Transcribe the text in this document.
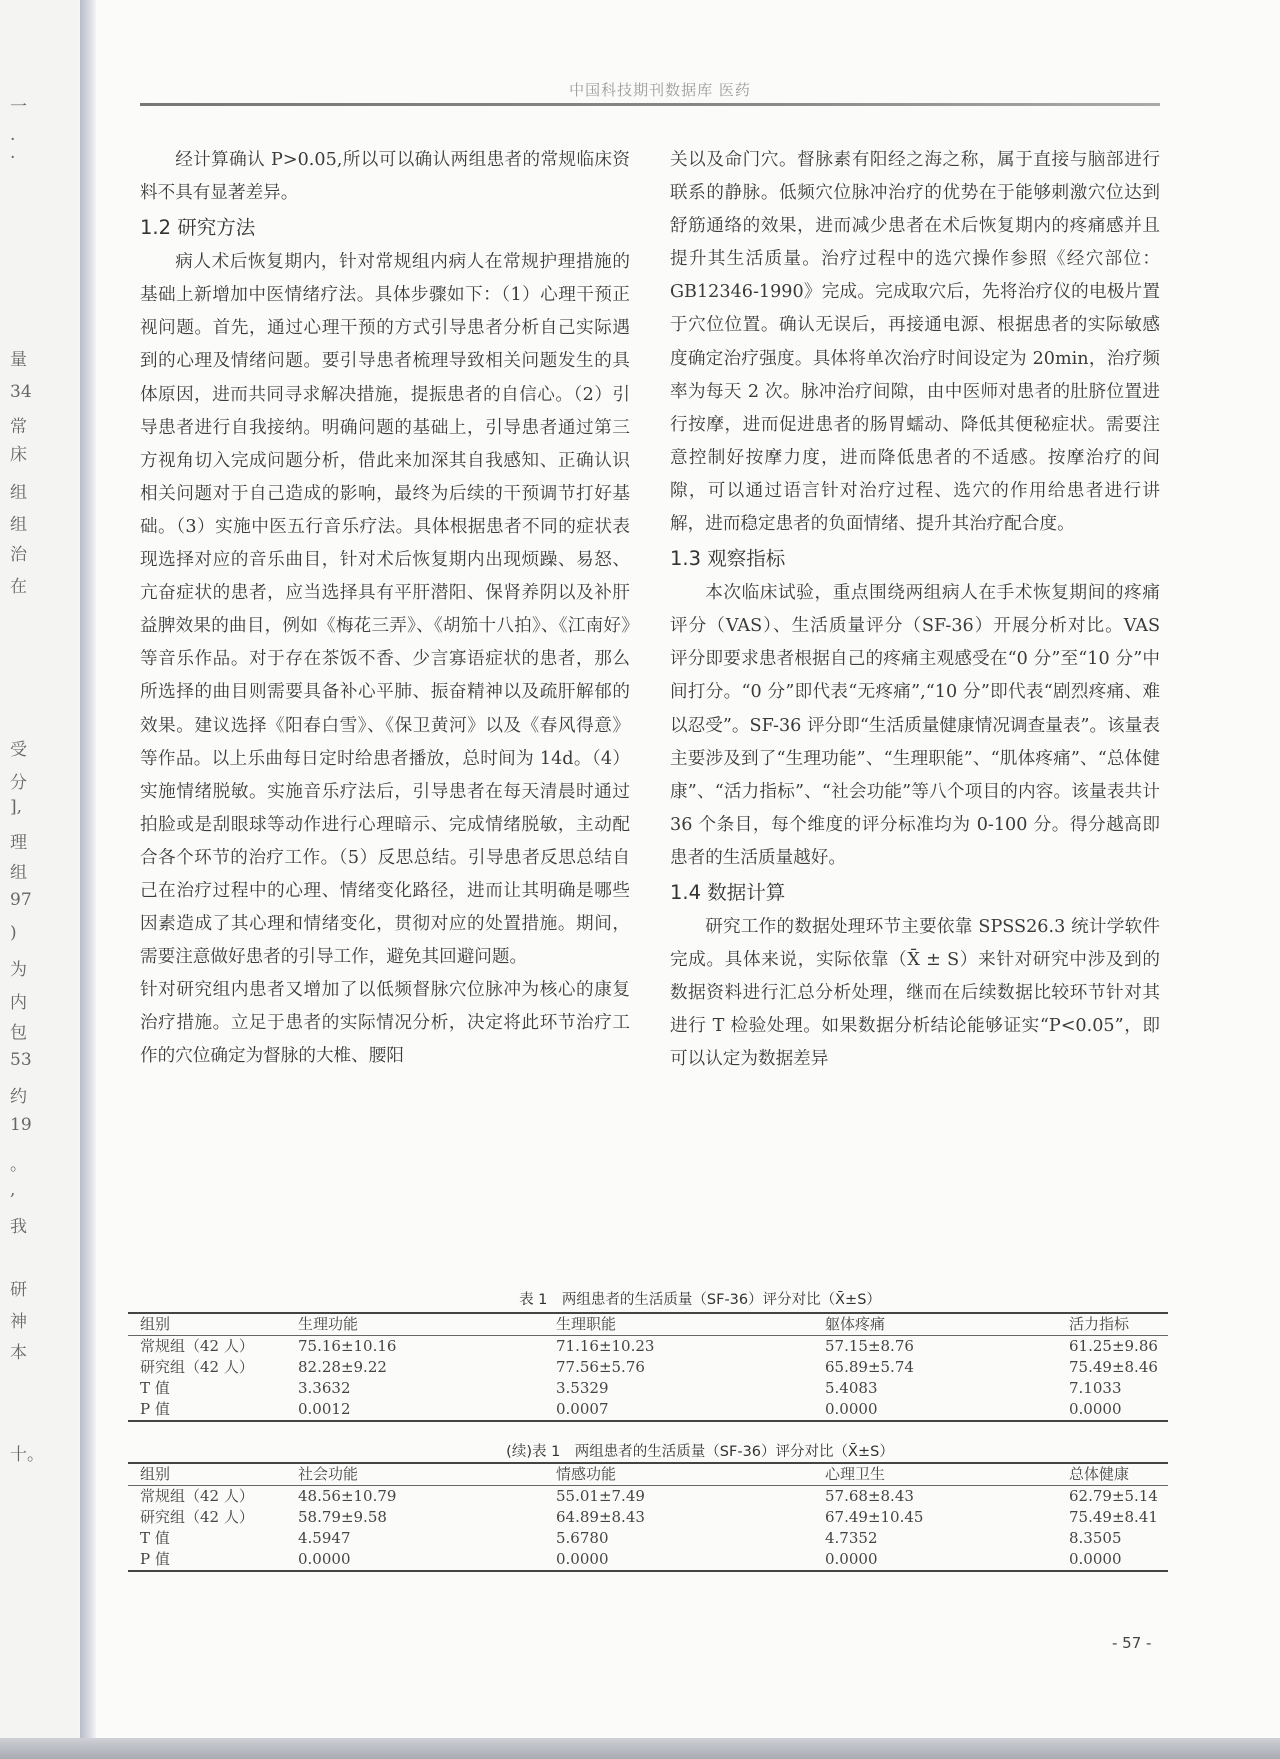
一
·
·
量
34
常
床
组
组
治
在
受
分
],
理
组
97
)
为
内
包
53
约
19
。
,
我
研
神
本
十。
中国科技期刊数据库 医药

经计算确认 P>0.05,所以可以确认两组患者的常规临床资料不具有显著差异。

1.2 研究方法

病人术后恢复期内，针对常规组内病人在常规护理措施的基础上新增加中医情绪疗法。具体步骤如下：（1）心理干预正视问题。首先，通过心理干预的方式引导患者分析自己实际遇到的心理及情绪问题。要引导患者梳理导致相关问题发生的具体原因，进而共同寻求解决措施，提振患者的自信心。（2）引导患者进行自我接纳。明确问题的基础上，引导患者通过第三方视角切入完成问题分析，借此来加深其自我感知、正确认识相关问题对于自己造成的影响，最终为后续的干预调节打好基础。（3）实施中医五行音乐疗法。具体根据患者不同的症状表现选择对应的音乐曲目，针对术后恢复期内出现烦躁、易怒、亢奋症状的患者，应当选择具有平肝潜阳、保肾养阴以及补肝益脾效果的曲目，例如《梅花三弄》、《胡笳十八拍》、《江南好》等音乐作品。对于存在茶饭不香、少言寡语症状的患者，那么所选择的曲目则需要具备补心平肺、振奋精神以及疏肝解郁的效果。建议选择《阳春白雪》、《保卫黄河》以及《春风得意》等作品。以上乐曲每日定时给患者播放，总时间为 14d。（4）实施情绪脱敏。实施音乐疗法后，引导患者在每天清晨时通过拍脸或是刮眼球等动作进行心理暗示、完成情绪脱敏，主动配合各个环节的治疗工作。（5）反思总结。引导患者反思总结自己在治疗过程中的心理、情绪变化路径，进而让其明确是哪些因素造成了其心理和情绪变化，贯彻对应的处置措施。期间，需要注意做好患者的引导工作，避免其回避问题。

针对研究组内患者又增加了以低频督脉穴位脉冲为核心的康复治疗措施。立足于患者的实际情况分析，决定将此环节治疗工作的穴位确定为督脉的大椎、腰阳

关以及命门穴。督脉素有阳经之海之称，属于直接与脑部进行联系的静脉。低频穴位脉冲治疗的优势在于能够刺激穴位达到舒筋通络的效果，进而减少患者在术后恢复期内的疼痛感并且提升其生活质量。治疗过程中的选穴操作参照《经穴部位：GB12346-1990》完成。完成取穴后，先将治疗仪的电极片置于穴位位置。确认无误后，再接通电源、根据患者的实际敏感度确定治疗强度。具体将单次治疗时间设定为 20min，治疗频率为每天 2 次。脉冲治疗间隙，由中医师对患者的肚脐位置进行按摩，进而促进患者的肠胃蠕动、降低其便秘症状。需要注意控制好按摩力度，进而降低患者的不适感。按摩治疗的间隙，可以通过语言针对治疗过程、选穴的作用给患者进行讲解，进而稳定患者的负面情绪、提升其治疗配合度。

1.3 观察指标

本次临床试验，重点围绕两组病人在手术恢复期间的疼痛评分（VAS）、生活质量评分（SF-36）开展分析对比。VAS 评分即要求患者根据自己的疼痛主观感受在“0 分”至“10 分”中间打分。“0 分”即代表“无疼痛”,“10 分”即代表“剧烈疼痛、难以忍受”。SF-36 评分即“生活质量健康情况调查量表”。该量表主要涉及到了“生理功能”、“生理职能”、“肌体疼痛”、“总体健康”、“活力指标”、“社会功能”等八个项目的内容。该量表共计 36 个条目，每个维度的评分标准均为 0-100 分。得分越高即患者的生活质量越好。

1.4 数据计算

研究工作的数据处理环节主要依靠 SPSS26.3 统计学软件完成。具体来说，实际依靠（X̄ ± S）来针对研究中涉及到的数据资料进行汇总分析处理，继而在后续数据比较环节针对其进行 T 检验处理。如果数据分析结论能够证实“P<0.05”，即可以认定为数据差异

表 1　两组患者的生活质量（SF-36）评分对比（X̄±S）
组别	生理功能	生理职能	躯体疼痛	活力指标
常规组（42 人）	75.16±10.16	71.16±10.23	57.15±8.76	61.25±9.86
研究组（42 人）	82.28±9.22	77.56±5.76	65.89±5.74	75.49±8.46
T 值	3.3632	3.5329	5.4083	7.1033
P 值	0.0012	0.0007	0.0000	0.0000
(续)表 1　两组患者的生活质量（SF-36）评分对比（X̄±S）
组别	社会功能	情感功能	心理卫生	总体健康
常规组（42 人）	48.56±10.79	55.01±7.49	57.68±8.43	62.79±5.14
研究组（42 人）	58.79±9.58	64.89±8.43	67.49±10.45	75.49±8.41
T 值	4.5947	5.6780	4.7352	8.3505
P 值	0.0000	0.0000	0.0000	0.0000
- 57 -
